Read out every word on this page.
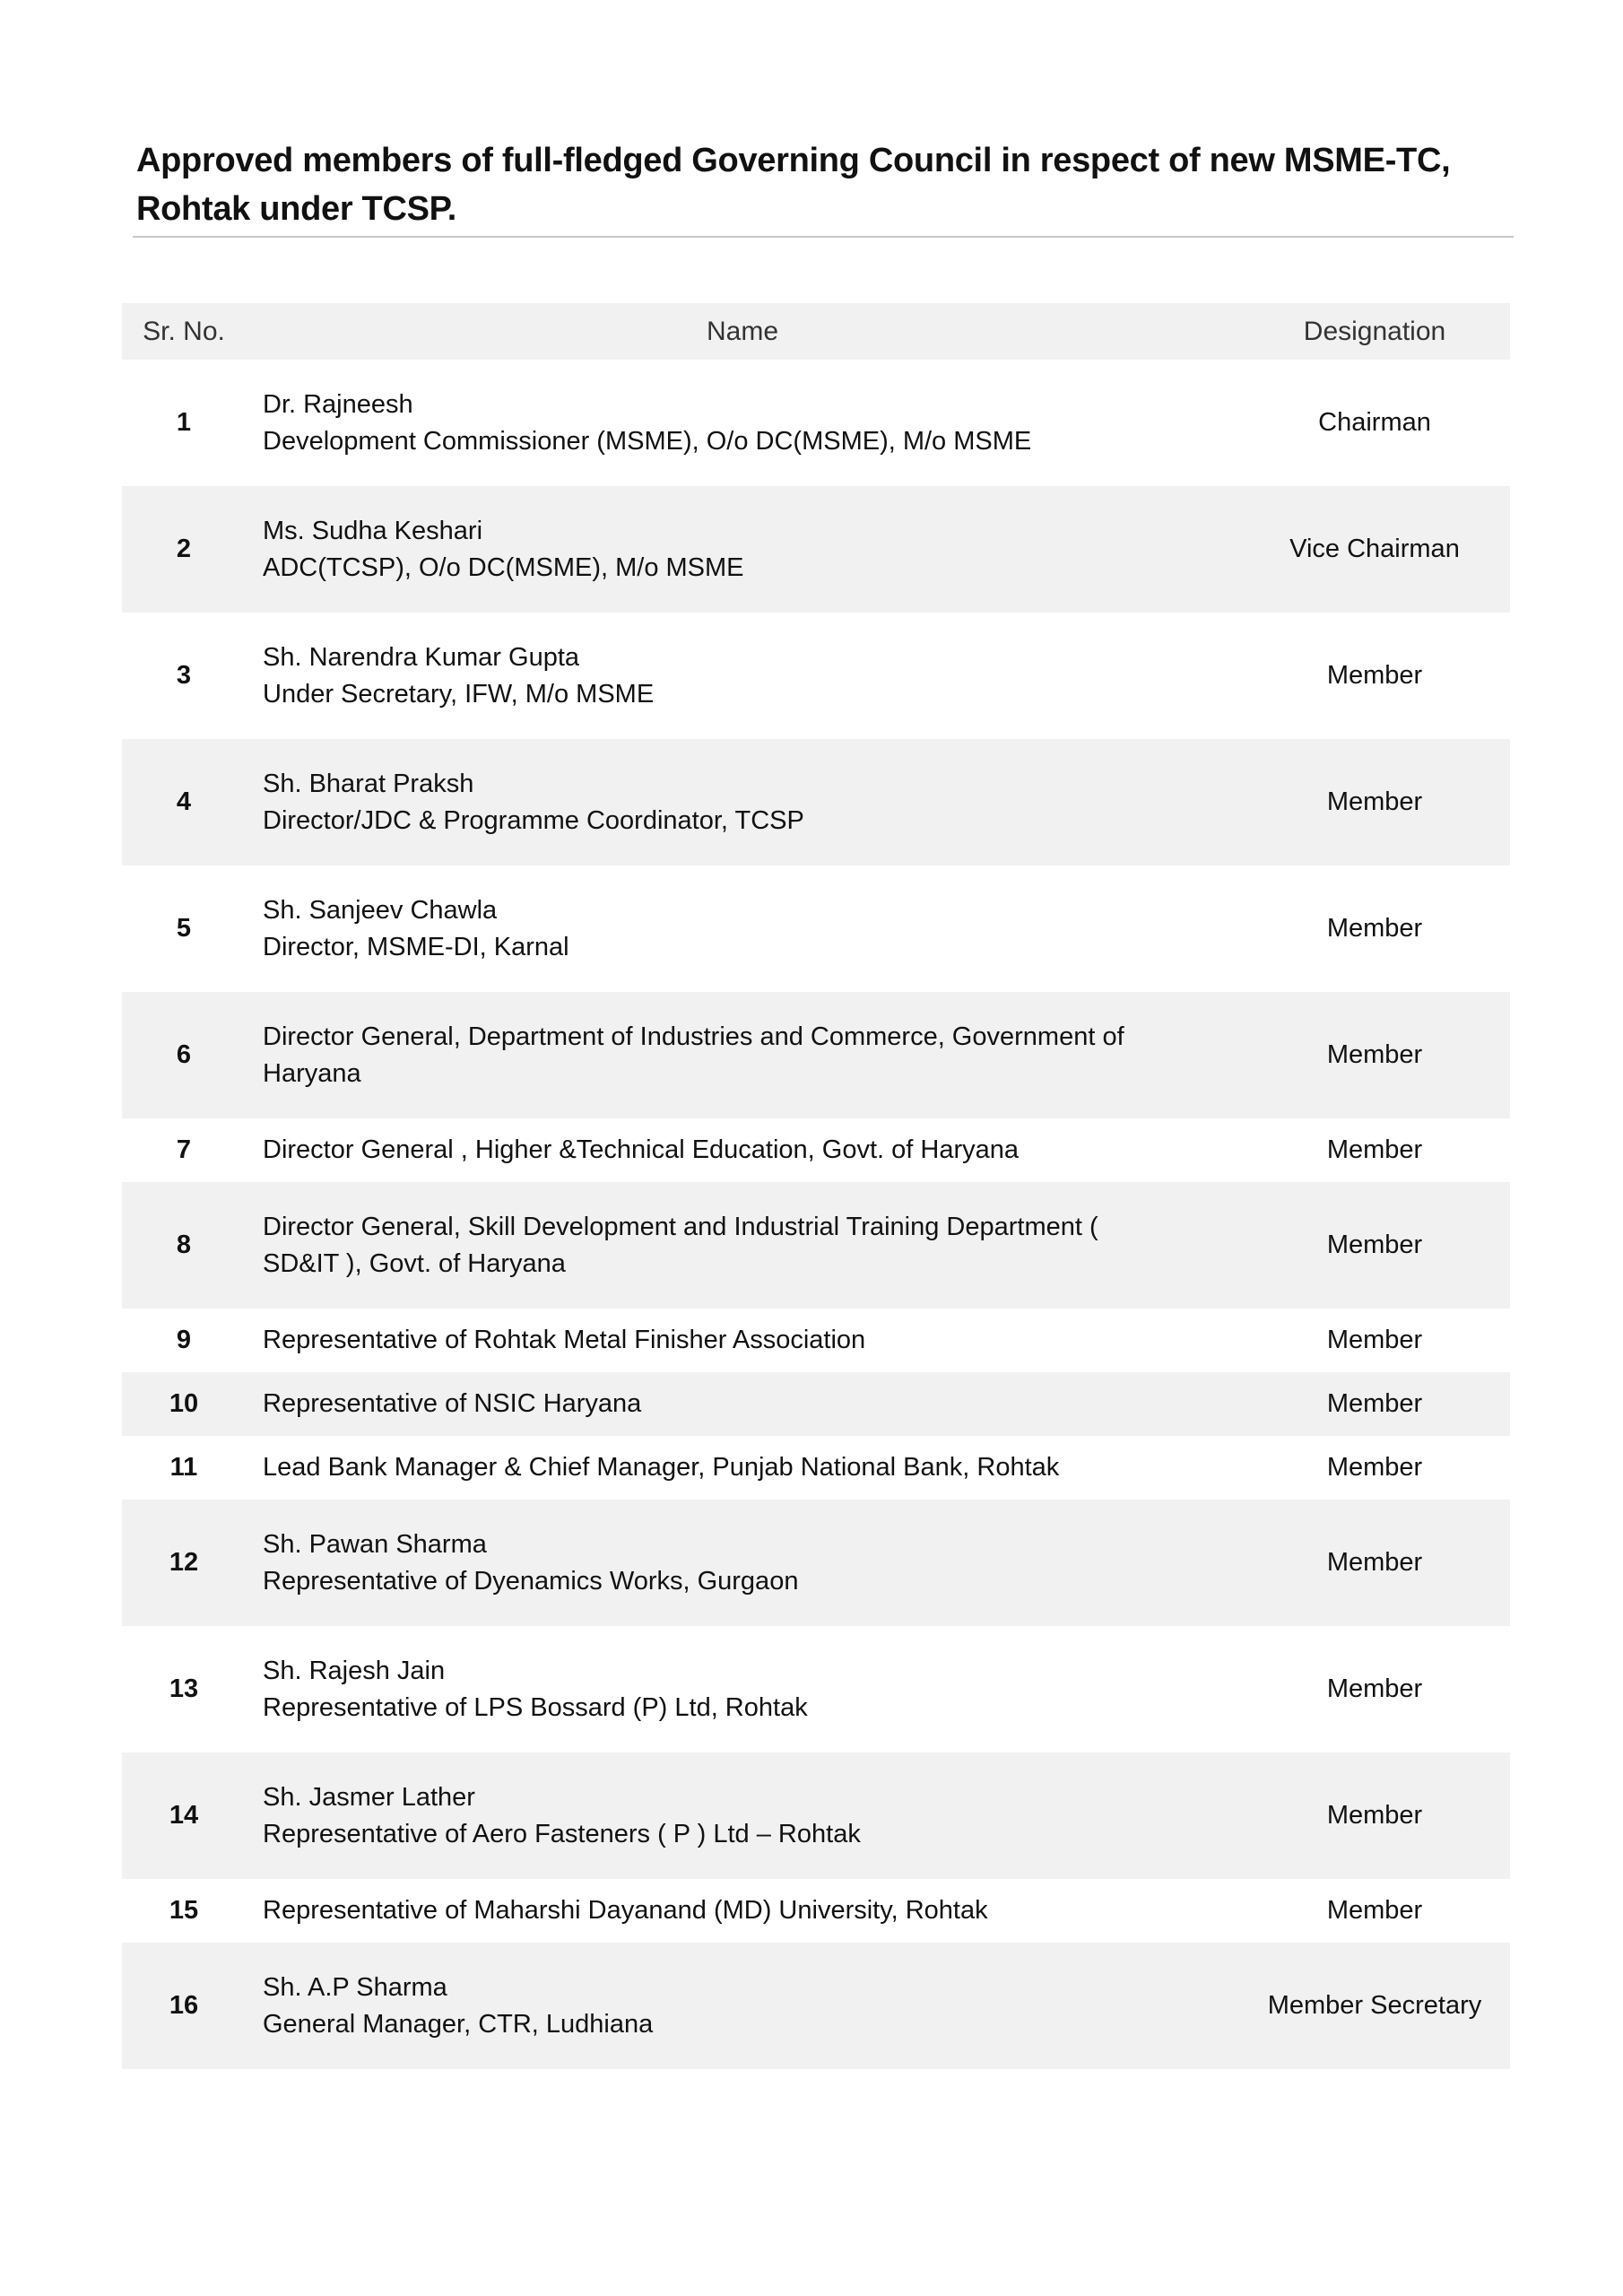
Approved members of full-fledged Governing Council in respect of new MSME-TC,
Rohtak under TCSP.
Sr. No.	Name	Designation
1	Dr. Rajneesh
Development Commissioner (MSME), O/o DC(MSME), M/o MSME	Chairman
2	Ms. Sudha Keshari
ADC(TCSP), O/o DC(MSME), M/o MSME	Vice Chairman
3	Sh. Narendra Kumar Gupta
Under Secretary, IFW, M/o MSME	Member
4	Sh. Bharat Praksh
Director/JDC & Programme Coordinator, TCSP	Member
5	Sh. Sanjeev Chawla
Director, MSME-DI, Karnal	Member
6	Director General, Department of Industries and Commerce, Government of
Haryana	Member
7	Director General , Higher &Technical Education, Govt. of Haryana	Member
8	Director General, Skill Development and Industrial Training Department (
SD&IT ), Govt. of Haryana	Member
9	Representative of Rohtak Metal Finisher Association	Member
10	Representative of NSIC Haryana	Member
11	Lead Bank Manager & Chief Manager, Punjab National Bank, Rohtak	Member
12	Sh. Pawan Sharma
Representative of Dyenamics Works, Gurgaon	Member
13	Sh. Rajesh Jain
Representative of LPS Bossard (P) Ltd, Rohtak	Member
14	Sh. Jasmer Lather
Representative of Aero Fasteners ( P ) Ltd – Rohtak	Member
15	Representative of Maharshi Dayanand (MD) University, Rohtak	Member
16	Sh. A.P Sharma
General Manager, CTR, Ludhiana	Member Secretary
